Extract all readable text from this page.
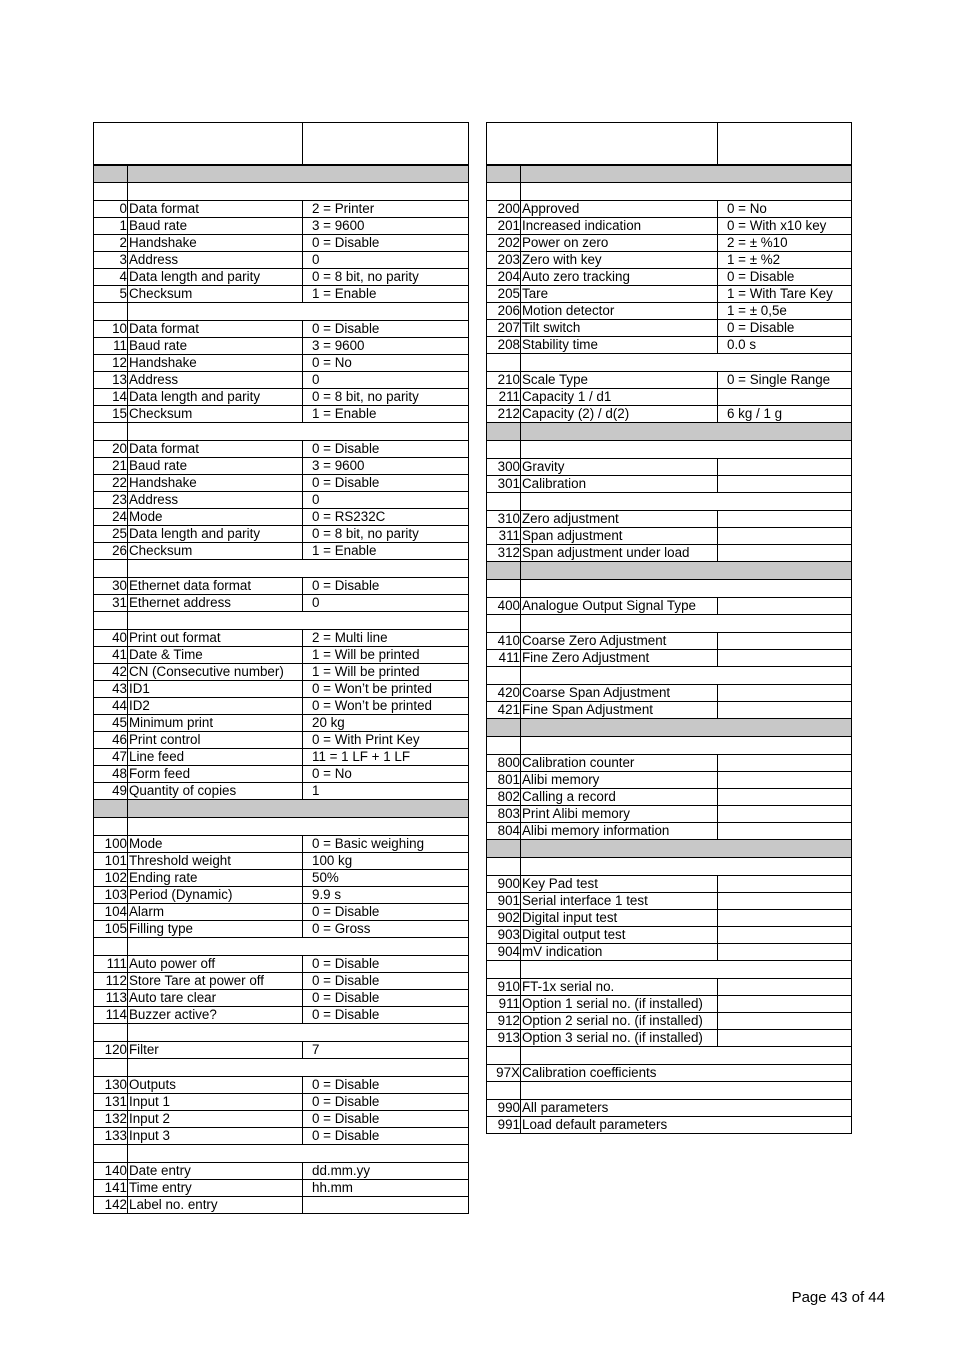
0	Data format	2 = Printer
1	Baud rate	3 = 9600
2	Handshake	0 = Disable
3	Address	0
4	Data length and parity	0 = 8 bit, no parity
5	Checksum	1 = Enable

10	Data format	0 = Disable
11	Baud rate	3 = 9600
12	Handshake	0 = No
13	Address	0
14	Data length and parity	0 = 8 bit, no parity
15	Checksum	1 = Enable

20	Data format	0 = Disable
21	Baud rate	3 = 9600
22	Handshake	0 = Disable
23	Address	0
24	Mode	0 = RS232C
25	Data length and parity	0 = 8 bit, no parity
26	Checksum	1 = Enable

30	Ethernet data format	0 = Disable
31	Ethernet address	0

40	Print out format	2 = Multi line
41	Date & Time	1 = Will be printed
42	CN (Consecutive number)	1 = Will be printed
43	ID1	0 = Won’t be printed
44	ID2	0 = Won’t be printed
45	Minimum print	20 kg
46	Print control	0 = With Print Key
47	Line feed	11 = 1 LF + 1 LF
48	Form feed	0 = No
49	Quantity of copies	1

100	Mode	0 = Basic weighing
101	Threshold weight	100 kg
102	Ending rate	50%
103	Period (Dynamic)	9.9 s
104	Alarm	0 = Disable
105	Filling type	0 = Gross

111	Auto power off	0 = Disable
112	Store Tare at power off	0 = Disable
113	Auto tare clear	0 = Disable
114	Buzzer active?	0 = Disable

120	Filter	7

130	Outputs	0 = Disable
131	Input 1	0 = Disable
132	Input 2	0 = Disable
133	Input 3	0 = Disable

140	Date entry	dd.mm.yy
141	Time entry	hh.mm
142	Label no. entry	

200	Approved	0 = No
201	Increased indication	0 = With x10 key
202	Power on zero	2 = ± %10
203	Zero with key	1 = ± %2
204	Auto zero tracking	0 = Disable
205	Tare	1 = With Tare Key
206	Motion detector	1 = ± 0,5e
207	Tilt switch	0 = Disable
208	Stability time	0.0 s

210	Scale Type	0 = Single Range
211	Capacity 1 / d1	
212	Capacity (2) / d(2)	6 kg / 1 g

300	Gravity	
301	Calibration	

310	Zero adjustment	
311	Span adjustment	
312	Span adjustment under load	

400	Analogue Output Signal Type	

410	Coarse Zero Adjustment	
411	Fine Zero Adjustment	

420	Coarse Span Adjustment	
421	Fine Span Adjustment	

800	Calibration counter	
801	Alibi memory	
802	Calling a record	
803	Print Alibi memory	
804	Alibi memory information	

900	Key Pad test	
901	Serial interface 1 test	
902	Digital input test	
903	Digital output test	
904	mV indication	

910	FT-1x serial no.	
911	Option 1 serial no. (if installed)	
912	Option 2 serial no. (if installed)	
913	Option 3 serial no. (if installed)	

97X	Calibration coefficients	

990	All parameters	
991	Load default parameters	
Page 43 of 44
